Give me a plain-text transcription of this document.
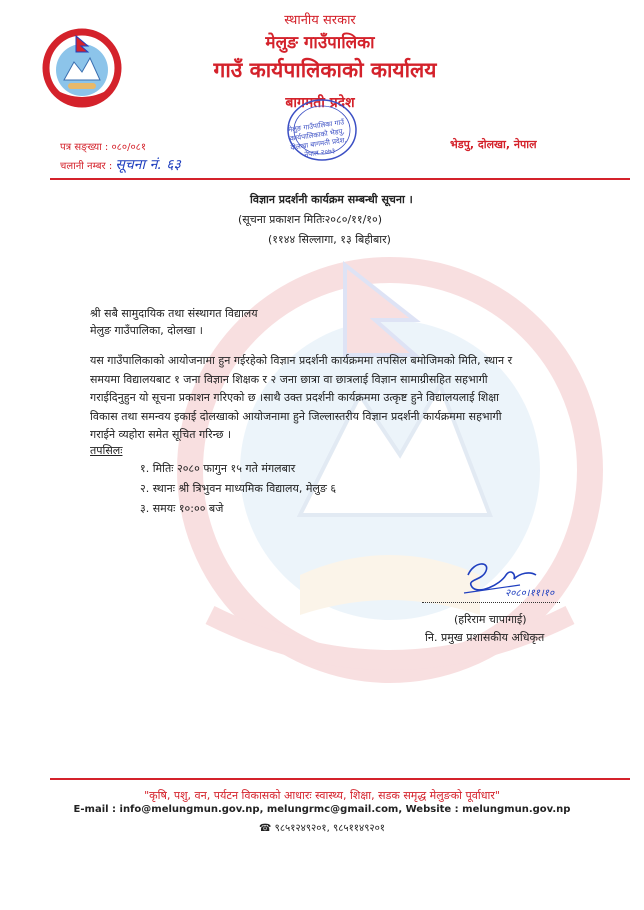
स्थानीय सरकार
मेलुङ गाउँपालिका
गाउँ कार्यपालिकाको कार्यालय
बागमती प्रदेश
मेलुङ गाउँपालिका गाउँ कार्यपालिकाको भेडपु, दोलखा बागमती प्रदेश, नेपाल २०७३
पत्र सङ्ख्या : ०८०/०८१
चलानी नम्बर : सूचना नं. ६३
भेडपु, दोलखा, नेपाल
विज्ञान प्रदर्शनी कार्यक्रम सम्बन्धी सूचना ।
(सूचना प्रकाशन मितिः२०८०/११/१०)
(११४४ सिल्लागा, १३ बिहीबार)
श्री सबै सामुदायिक तथा संस्थागत विद्यालय
मेलुङ गाउँपालिका, दोलखा ।
यस गाउँपालिकाको आयोजनामा हुन गईरहेको विज्ञान प्रदर्शनी कार्यक्रममा तपसिल बमोजिमको मिति, स्थान र
समयमा विद्यालयबाट १ जना विज्ञान शिक्षक र २ जना छात्रा वा छात्रलाई विज्ञान सामाग्रीसहित सहभागी
गराईदिनुहुन यो सूचना प्रकाशन गरिएको छ ।साथै उक्त प्रदर्शनी कार्यक्रममा उत्कृष्ट हुने विद्यालयलाई शिक्षा
विकास तथा समन्वय इकाई दोलखाको आयोजनामा हुने जिल्लास्तरीय विज्ञान प्रदर्शनी कार्यक्रममा सहभागी
गराईने व्यहोरा समेत सूचित गरिन्छ ।
तपसिलः
१. मितिः २०८० फागुन १५ गते मंगलबार
२. स्थानः श्री त्रिभुवन माध्यमिक विद्यालय, मेलुङ ६
३. समयः १०:०० बजे
२०८०।११।१०
(हरिराम चापागाई)
नि. प्रमुख प्रशासकीय अधिकृत
"कृषि, पशु, वन, पर्यटन विकासको आधारः स्वास्थ्य, शिक्षा, सडक समृद्ध मेलुङको पूर्वाधार"
E-mail : info@melungmun.gov.np, melungrmc@gmail.com, Website : melungmun.gov.np
☎ ९८५१२४९२०१, ९८५११४९२०१
